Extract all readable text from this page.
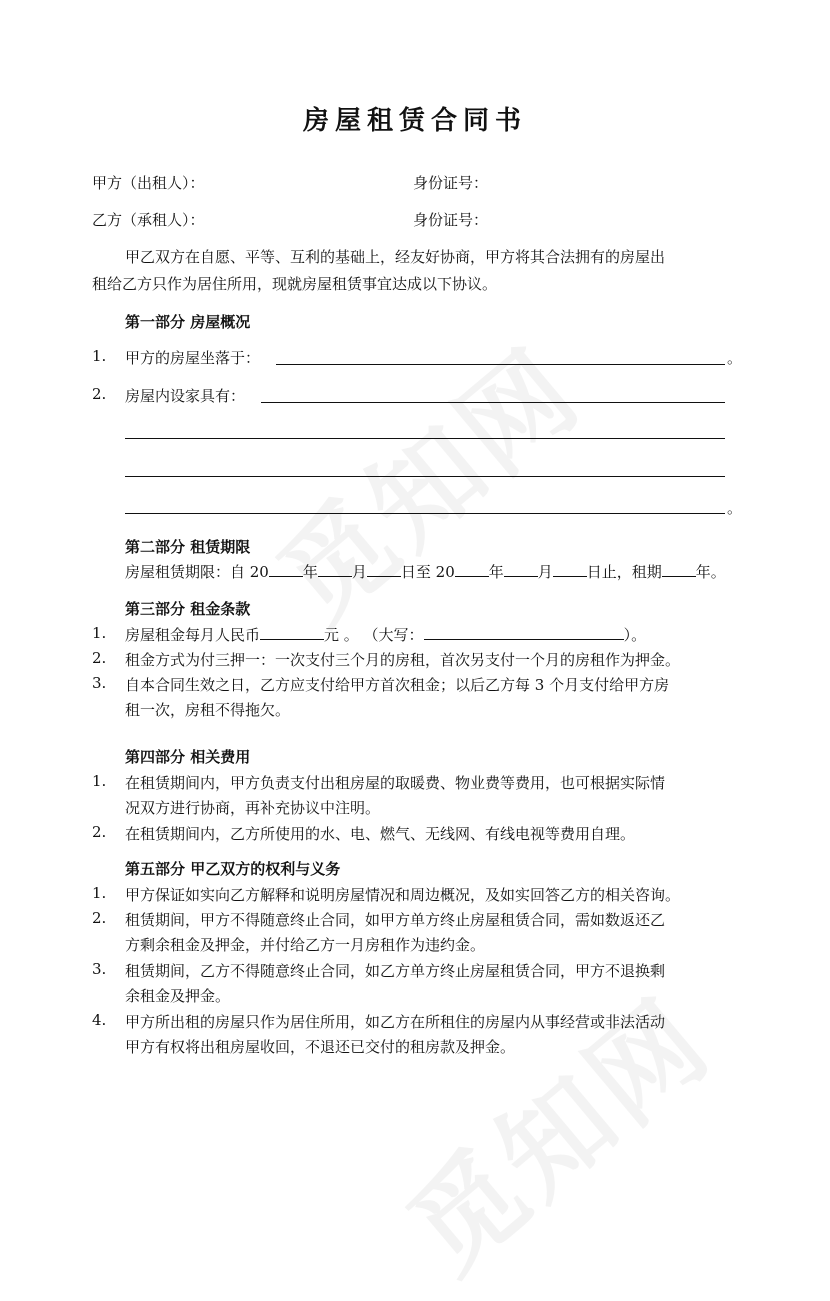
房屋租赁合同书
甲方（出租人）：	身份证号：
乙方（承租人）：	身份证号：
甲乙双方在自愿、平等、互利的基础上，经友好协商，甲方将其合法拥有的房屋出
租给乙方只作为居住所用，现就房屋租赁事宜达成以下协议。
第一部分 房屋概况
1. 甲方的房屋坐落于：	。
2. 房屋内设家具有：
。
第二部分 租赁期限
房屋租赁期限：自 20 年 月 日至 20 年 月 日止，租期 年。
第三部分 租金条款
1. 房屋租金每月人民币	元 。 （大写：	）。
2. 租金方式为付三押一：一次支付三个月的房租，首次另支付一个月的房租作为押金。
3. 自本合同生效之日，乙方应支付给甲方首次租金；以后乙方每 3 个月支付给甲方房
租一次，房租不得拖欠。
第四部分 相关费用
1. 在租赁期间内，甲方负责支付出租房屋的取暖费、物业费等费用，也可根据实际情
况双方进行协商，再补充协议中注明。
2. 在租赁期间内，乙方所使用的水、电、燃气、无线网、有线电视等费用自理。
第五部分 甲乙双方的权利与义务
1. 甲方保证如实向乙方解释和说明房屋情况和周边概况，及如实回答乙方的相关咨询。
2. 租赁期间，甲方不得随意终止合同，如甲方单方终止房屋租赁合同，需如数返还乙
方剩余租金及押金，并付给乙方一月房租作为违约金。
3. 租赁期间，乙方不得随意终止合同，如乙方单方终止房屋租赁合同，甲方不退换剩
余租金及押金。
4. 甲方所出租的房屋只作为居住所用，如乙方在所租住的房屋内从事经营或非法活动
甲方有权将出租房屋收回，不退还已交付的租房款及押金。
